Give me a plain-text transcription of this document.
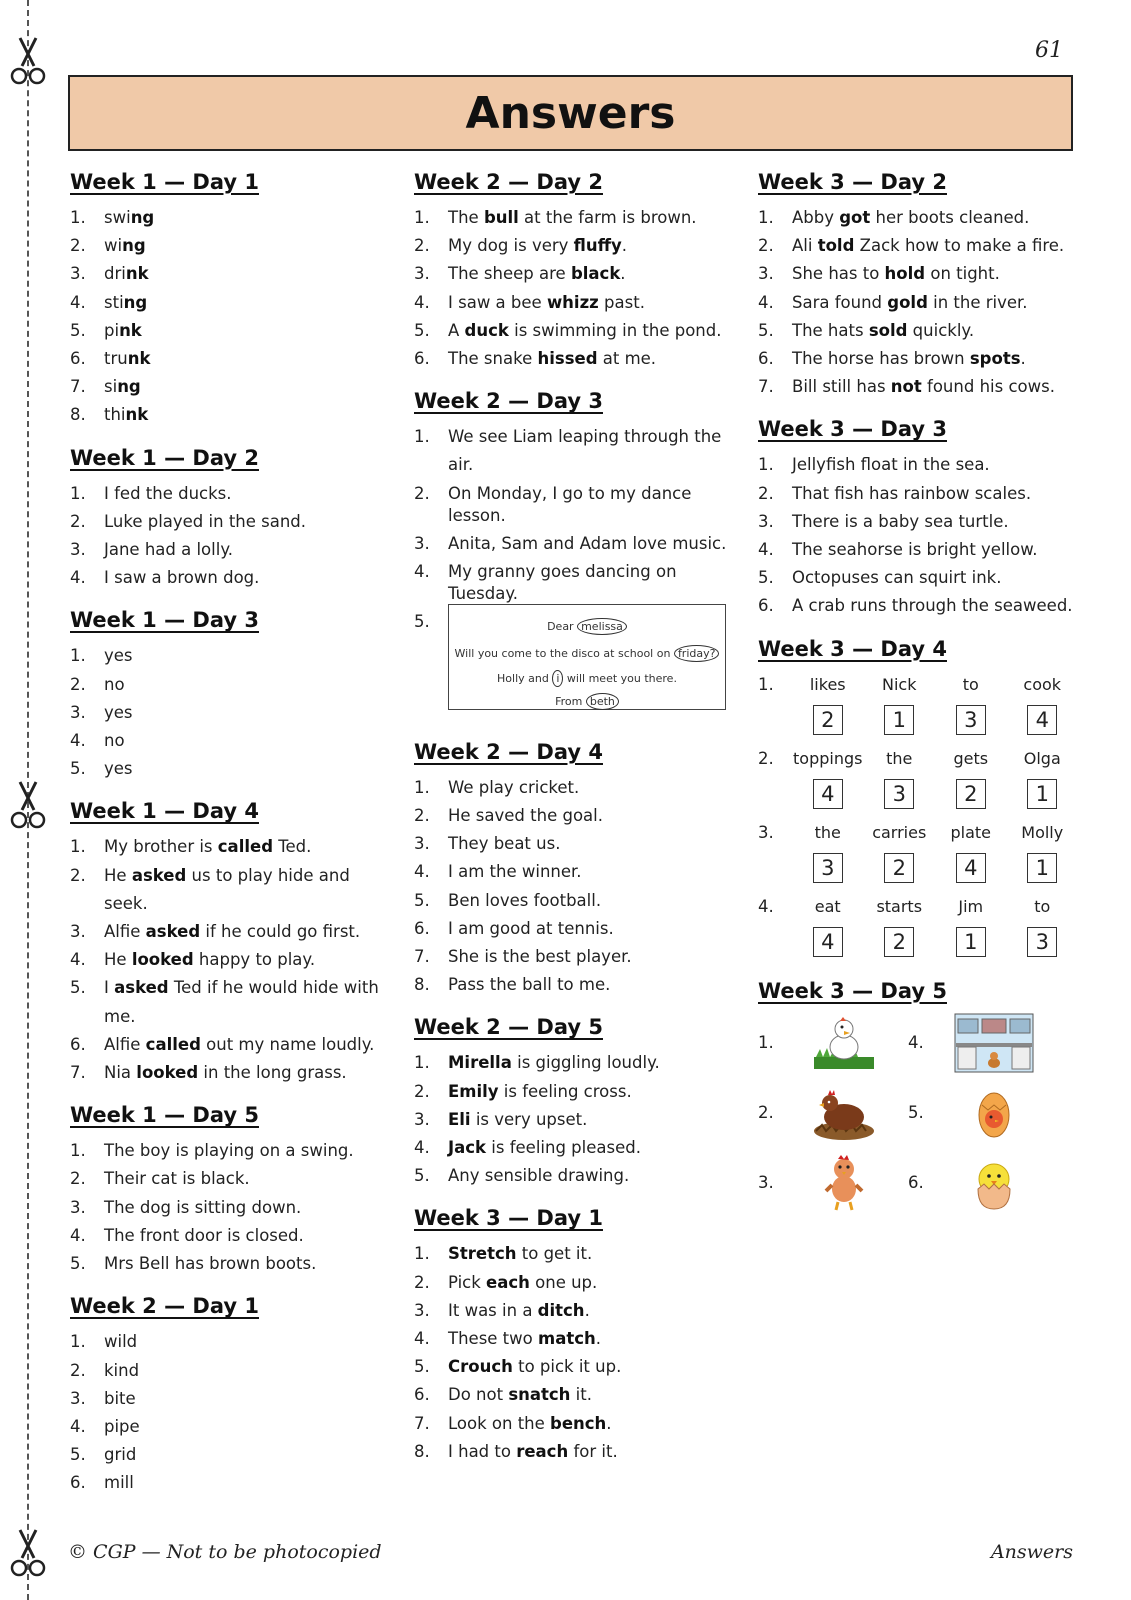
61
Answers
Week 1 — Day 1
1.	swing
2.	wing
3.	drink
4.	sting
5.	pink
6.	trunk
7.	sing
8.	think
Week 1 — Day 2
1.	I fed the ducks.
2.	Luke played in the sand.
3.	Jane had a lolly.
4.	I saw a brown dog.
Week 1 — Day 3
1.	yes
2.	no
3.	yes
4.	no
5.	yes
Week 1 — Day 4
1.	My brother is called Ted.
2.	He asked us to play hide and seek.
3.	Alfie asked if he could go first.
4.	He looked happy to play.
5.	I asked Ted if he would hide with me.
6.	Alfie called out my name loudly.
7.	Nia looked in the long grass.
Week 1 — Day 5
1.	The boy is playing on a swing.
2.	Their cat is black.
3.	The dog is sitting down.
4.	The front door is closed.
5.	Mrs Bell has brown boots.
Week 2 — Day 1
1.	wild
2.	kind
3.	bite
4.	pipe
5.	grid
6.	mill
Week 2 — Day 2
1.	The bull at the farm is brown.
2.	My dog is very fluffy.
3.	The sheep are black.
4.	I saw a bee whizz past.
5.	A duck is swimming in the pond.
6.	The snake hissed at me.
Week 2 — Day 3
1.	We see Liam leaping through the air.
2.	On Monday, I go to my dance lesson.
3.	Anita, Sam and Adam love music.
4.	My granny goes dancing on Tuesday.
5.	Dear melissa
Will you come to the disco at school on friday?
Holly and i will meet you there.
From beth
Week 2 — Day 4
1.	We play cricket.
2.	He saved the goal.
3.	They beat us.
4.	I am the winner.
5.	Ben loves football.
6.	I am good at tennis.
7.	She is the best player.
8.	Pass the ball to me.
Week 2 — Day 5
1.	Mirella is giggling loudly.
2.	Emily is feeling cross.
3.	Eli is very upset.
4.	Jack is feeling pleased.
5.	Any sensible drawing.
Week 3 — Day 1
1.	Stretch to get it.
2.	Pick each one up.
3.	It was in a ditch.
4.	These two match.
5.	Crouch to pick it up.
6.	Do not snatch it.
7.	Look on the bench.
8.	I had to reach for it.
Week 3 — Day 2
1.	Abby got her boots cleaned.
2.	Ali told Zack how to make a fire.
3.	She has to hold on tight.
4.	Sara found gold in the river.
5.	The hats sold quickly.
6.	The horse has brown spots.
7.	Bill still has not found his cows.
Week 3 — Day 3
1.	Jellyfish float in the sea.
2.	That fish has rainbow scales.
3.	There is a baby sea turtle.
4.	The seahorse is bright yellow.
5.	Octopuses can squirt ink.
6.	A crab runs through the seaweed.
Week 3 — Day 4
1.	likes	Nick	to	cook
2	1	3	4
2.	toppings	the	gets	Olga
4	3	2	1
3.	the	carries	plate	Molly
3	2	4	1
4.	eat	starts	Jim	to
4	2	1	3
Week 3 — Day 5
1.	4.
2.	5.
3.	6.
© CGP — Not to be photocopied	Answers
